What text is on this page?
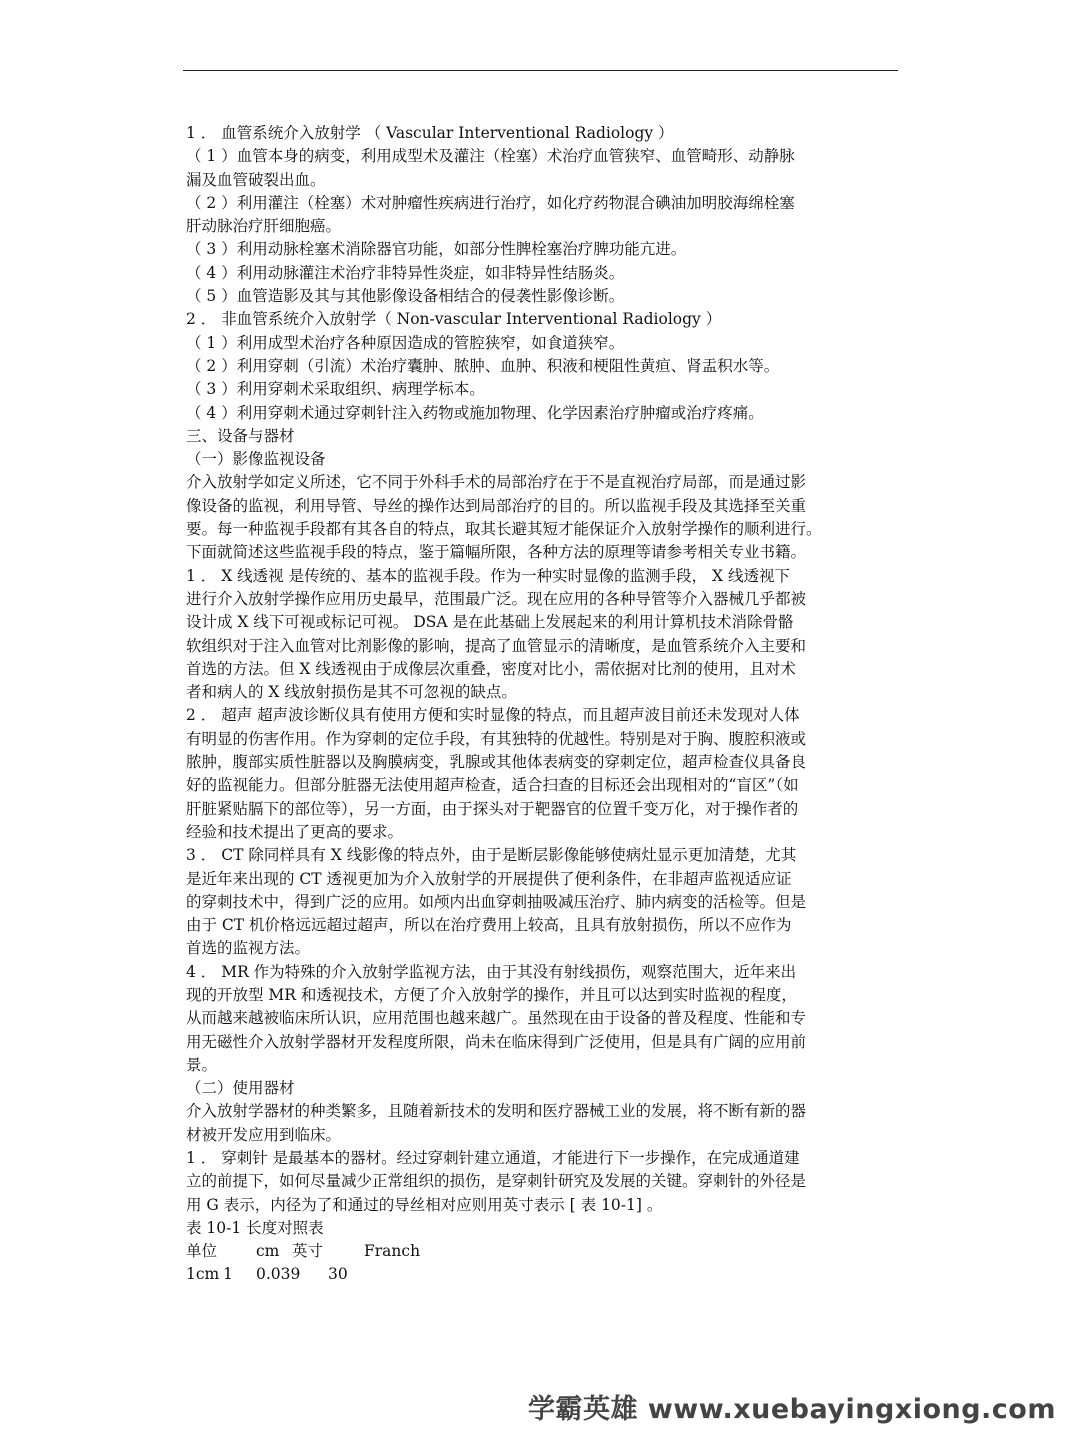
1 ． 血管系统介入放射学 （ Vascular Interventional Radiology ）
（ 1 ）血管本身的病变，利用成型术及灌注（栓塞）术治疗血管狭窄、血管畸形、动静脉
漏及血管破裂出血。
（ 2 ）利用灌注（栓塞）术对肿瘤性疾病进行治疗，如化疗药物混合碘油加明胶海绵栓塞
肝动脉治疗肝细胞癌。
（ 3 ）利用动脉栓塞术消除器官功能，如部分性脾栓塞治疗脾功能亢进。
（ 4 ）利用动脉灌注术治疗非特异性炎症，如非特异性结肠炎。
（ 5 ）血管造影及其与其他影像设备相结合的侵袭性影像诊断。
2 ． 非血管系统介入放射学（ Non-vascular Interventional Radiology ）
（ 1 ）利用成型术治疗各种原因造成的管腔狭窄，如食道狭窄。
（ 2 ）利用穿刺（引流）术治疗囊肿、脓肿、血肿、积液和梗阻性黄疸、肾盂积水等。
（ 3 ）利用穿刺术采取组织、病理学标本。
（ 4 ）利用穿刺术通过穿刺针注入药物或施加物理、化学因素治疗肿瘤或治疗疼痛。
三、设备与器材
（一）影像监视设备
介入放射学如定义所述，它不同于外科手术的局部治疗在于不是直视治疗局部，而是通过影
像设备的监视，利用导管、导丝的操作达到局部治疗的目的。所以监视手段及其选择至关重
要。每一种监视手段都有其各自的特点，取其长避其短才能保证介入放射学操作的顺利进行。
下面就简述这些监视手段的特点，鉴于篇幅所限，各种方法的原理等请参考相关专业书籍。
1 ． X 线透视 是传统的、基本的监视手段。作为一种实时显像的监测手段， X 线透视下
进行介入放射学操作应用历史最早，范围最广泛。现在应用的各种导管等介入器械几乎都被
设计成 X 线下可视或标记可视。 DSA 是在此基础上发展起来的利用计算机技术消除骨骼
软组织对于注入血管对比剂影像的影响，提高了血管显示的清晰度，是血管系统介入主要和
首选的方法。但 X 线透视由于成像层次重叠，密度对比小，需依据对比剂的使用，且对术
者和病人的 X 线放射损伤是其不可忽视的缺点。
2 ． 超声 超声波诊断仪具有使用方便和实时显像的特点，而且超声波目前还未发现对人体
有明显的伤害作用。作为穿刺的定位手段，有其独特的优越性。特别是对于胸、腹腔积液或
脓肿，腹部实质性脏器以及胸膜病变，乳腺或其他体表病变的穿刺定位，超声检查仪具备良
好的监视能力。但部分脏器无法使用超声检查，适合扫查的目标还会出现相对的“盲区”（如
肝脏紧贴膈下的部位等），另一方面，由于探头对于靶器官的位置千变万化，对于操作者的
经验和技术提出了更高的要求。
3 ． CT 除同样具有 X 线影像的特点外，由于是断层影像能够使病灶显示更加清楚，尤其
是近年来出现的 CT 透视更加为介入放射学的开展提供了便利条件，在非超声监视适应证
的穿刺技术中，得到广泛的应用。如颅内出血穿刺抽吸减压治疗、肺内病变的活检等。但是
由于 CT 机价格远远超过超声，所以在治疗费用上较高，且具有放射损伤，所以不应作为
首选的监视方法。
4 ． MR 作为特殊的介入放射学监视方法，由于其没有射线损伤，观察范围大，近年来出
现的开放型 MR 和透视技术，方便了介入放射学的操作，并且可以达到实时监视的程度，
从而越来越被临床所认识，应用范围也越来越广。虽然现在由于设备的普及程度、性能和专
用无磁性介入放射学器材开发程度所限，尚未在临床得到广泛使用，但是具有广阔的应用前
景。
（二）使用器材
介入放射学器材的种类繁多，且随着新技术的发明和医疗器械工业的发展，将不断有新的器
材被开发应用到临床。
1 ． 穿刺针 是最基本的器材。经过穿刺针建立通道，才能进行下一步操作，在完成通道建
立的前提下，如何尽量减少正常组织的损伤，是穿刺针研究及发展的关键。穿刺针的外径是
用 G 表示，内径为了和通过的导丝相对应则用英寸表示 [ 表 10-1] 。
表 10-1 长度对照表
单位	cm 英寸	Franch
1cm 1 0.039 30
学霸英雄 www.xuebayingxiong.com
